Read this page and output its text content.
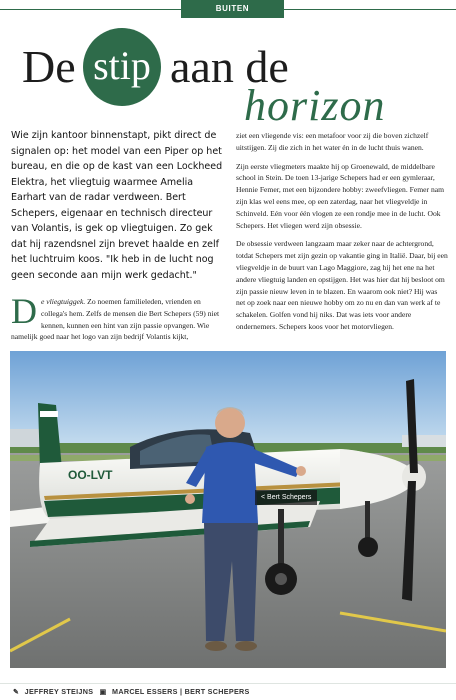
BUITEN KANTOORUREN
De stip aan de
horizon
Wie zijn kantoor binnenstapt, pikt direct de signalen op: het model van een Piper op het bureau, en die op de kast van een Lockheed Elektra, het vliegtuig waarmee Amelia Earhart van de radar verdween. Bert Schepers, eigenaar en technisch directeur van Volantis, is gek op vliegtuigen. Zo gek dat hij razendsnel zijn brevet haalde en zelf het luchtruim koos. "Ik heb in de lucht nog geen seconde aan mijn werk gedacht."
De vliegtuiggek. Zo noemen familieleden, vrienden en collega's hem. Zelfs de mensen die Bert Schepers (59) niet kennen, kunnen een hint van zijn passie opvangen. Wie namelijk goed naar het logo van zijn bedrijf Volantis kijkt,

ziet een vliegende vis: een metafoor voor zij die boven zichzelf uitstijgen. Zij die zich in het water én in de lucht thuis wanen.

Zijn eerste vliegmeters maakte hij op Groenewald, de middelbare school in Stein. De toen 13-jarige Schepers had er een gymleraar, Hennie Femer, met een bijzondere hobby: zweefvliegen. Femer nam zijn klas wel eens mee, op een zaterdag, naar het vliegveldje in Schinveld. Eén voor één vlogen ze een rondje mee in de lucht. Ook Schepers. Het vliegen werd zijn obsessie.

De obsessie verdween langzaam maar zeker naar de achtergrond, totdat Schepers met zijn gezin op vakantie ging in Italië. Daar, bij een vliegveldje in de buurt van Lago Maggiore, zag hij het ene na het andere vliegtuig landen en opstijgen. Het was hier dat hij besloot om zijn passie nieuw leven in te blazen. En waarom ook niet? Hij was net op zoek naar een nieuwe hobby om zo nu en dan van werk af te schakelen. Golfen vond hij niks. Dat was iets voor andere ondernemers. Schepers koos voor het motorvliegen.

OO-LVT
< Bert Schepers
✎ JEFFREY STEIJNS ▣ MARCEL ESSERS | BERT SCHEPERS
